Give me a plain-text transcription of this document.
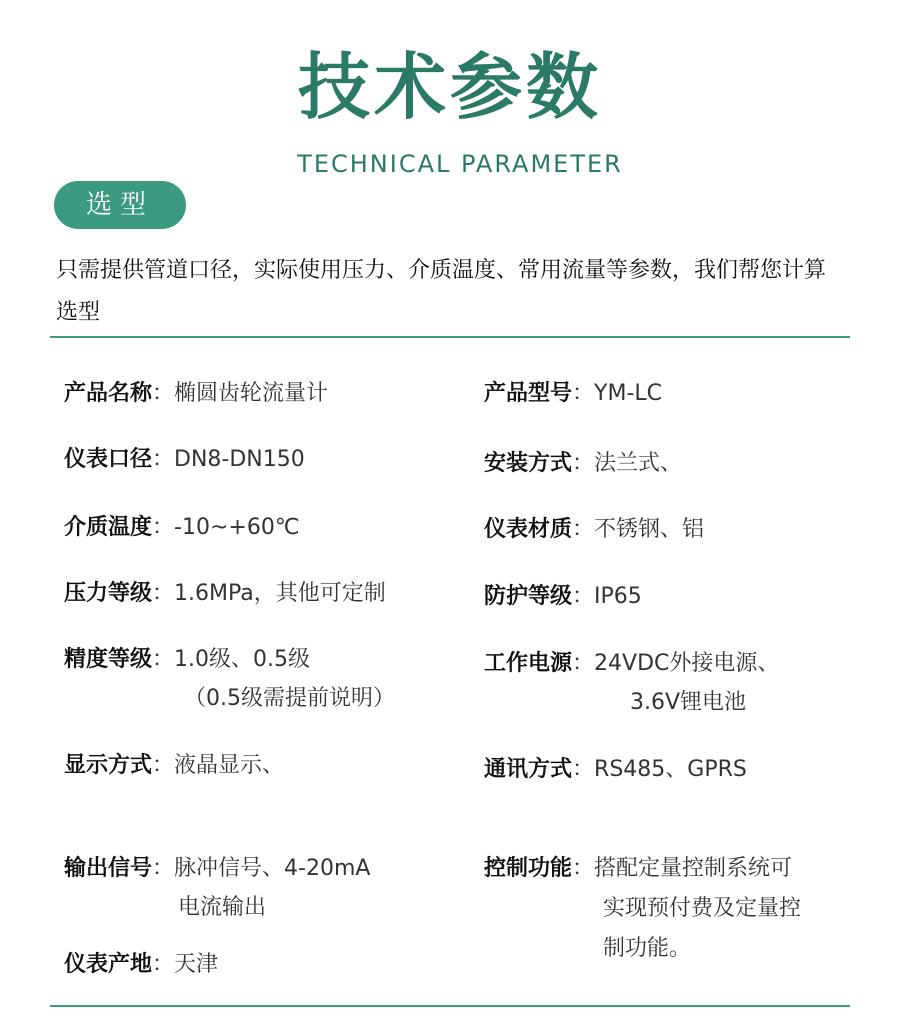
技术参数
TECHNICAL PARAMETER
选型
只需提供管道口径，实际使用压力、介质温度、常用流量等参数，我们帮您计算选型
产品名称：椭圆齿轮流量计
仪表口径：DN8-DN150
介质温度：-10~+60℃
压力等级：1.6MPa，其他可定制
精度等级：1.0级、0.5级
（0.5级需提前说明）
显示方式：液晶显示、
输出信号：脉冲信号、4-20mA
电流输出
仪表产地：天津
产品型号：YM-LC
安装方式：法兰式、
仪表材质：不锈钢、铝
防护等级：IP65
工作电源：24VDC外接电源、
3.6V锂电池
通讯方式：RS485、GPRS
控制功能：搭配定量控制系统可
实现预付费及定量控
制功能。
